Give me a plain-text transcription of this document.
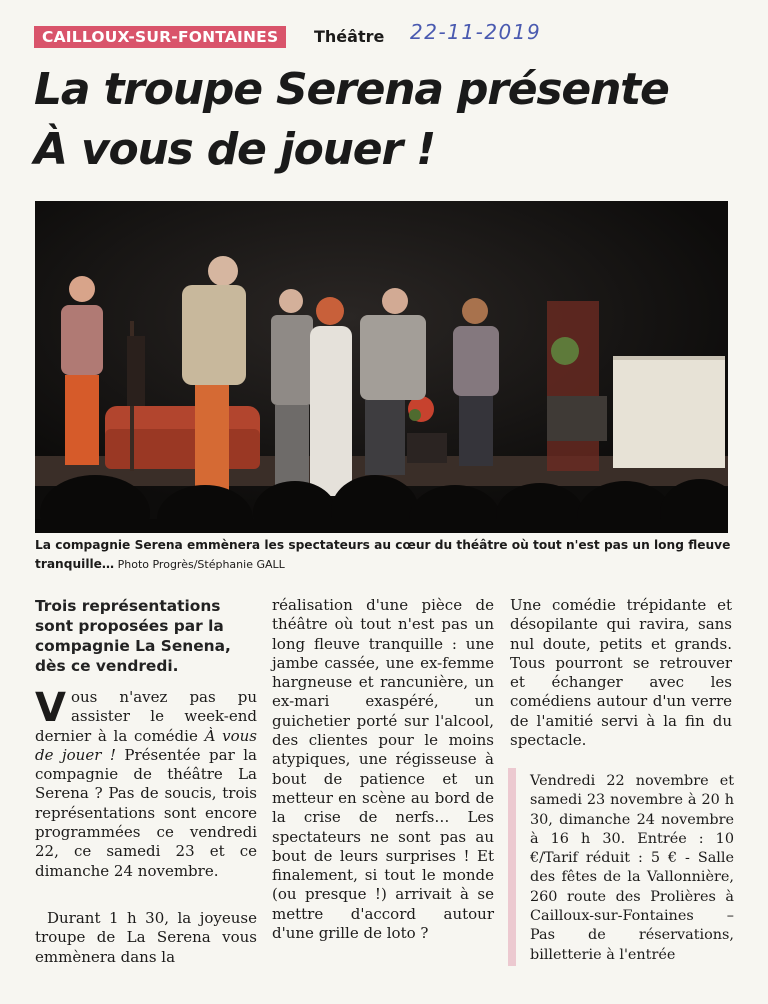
CAILLOUX-SUR-FONTAINES	Théâtre 22-11-2019
La troupe Serena présente
À vous de jouer !
La compagnie Serena emmènera les spectateurs au cœur du théâtre où tout n'est pas un long fleuve tranquille… Photo Progrès/Stéphanie GALL
Trois représentations sont proposées par la compagnie La Senena, dès ce vendredi.

Vous n'avez pas pu assister le week-end dernier à la comédie À vous de jouer ! Présentée par la compagnie de théâtre La Serena ? Pas de soucis, trois représentations sont encore programmées ce vendredi 22, ce samedi 23 et ce dimanche 24 novembre.

Durant 1 h 30, la joyeuse troupe de La Serena vous emmènera dans la

Une comédie trépidante et désopilante qui ravira, sans nul doute, petits et grands. Tous pourront se retrouver et échanger avec les comédiens autour d'un verre de l'amitié servi à la fin du spectacle.

Vendredi 22 novembre et samedi 23 novembre à 20 h 30, dimanche 24 novembre à 16 h 30. Entrée : 10 €/Tarif réduit : 5 € - Salle des fêtes de la Vallonnière, 260 route des Prolières à Cailloux-sur-Fontaines – Pas de réservations, billetterie à l'entrée

réalisation d'une pièce de théâtre où tout n'est pas un long fleuve tranquille : une jambe cassée, une ex-femme hargneuse et rancunière, un ex-mari exaspéré, un guichetier porté sur l'alcool, des clientes pour le moins atypiques, une régisseuse à bout de patience et un metteur en scène au bord de la crise de nerfs… Les spectateurs ne sont pas au bout de leurs surprises ! Et finalement, si tout le monde (ou presque !) arrivait à se mettre d'accord autour d'une grille de loto ?
